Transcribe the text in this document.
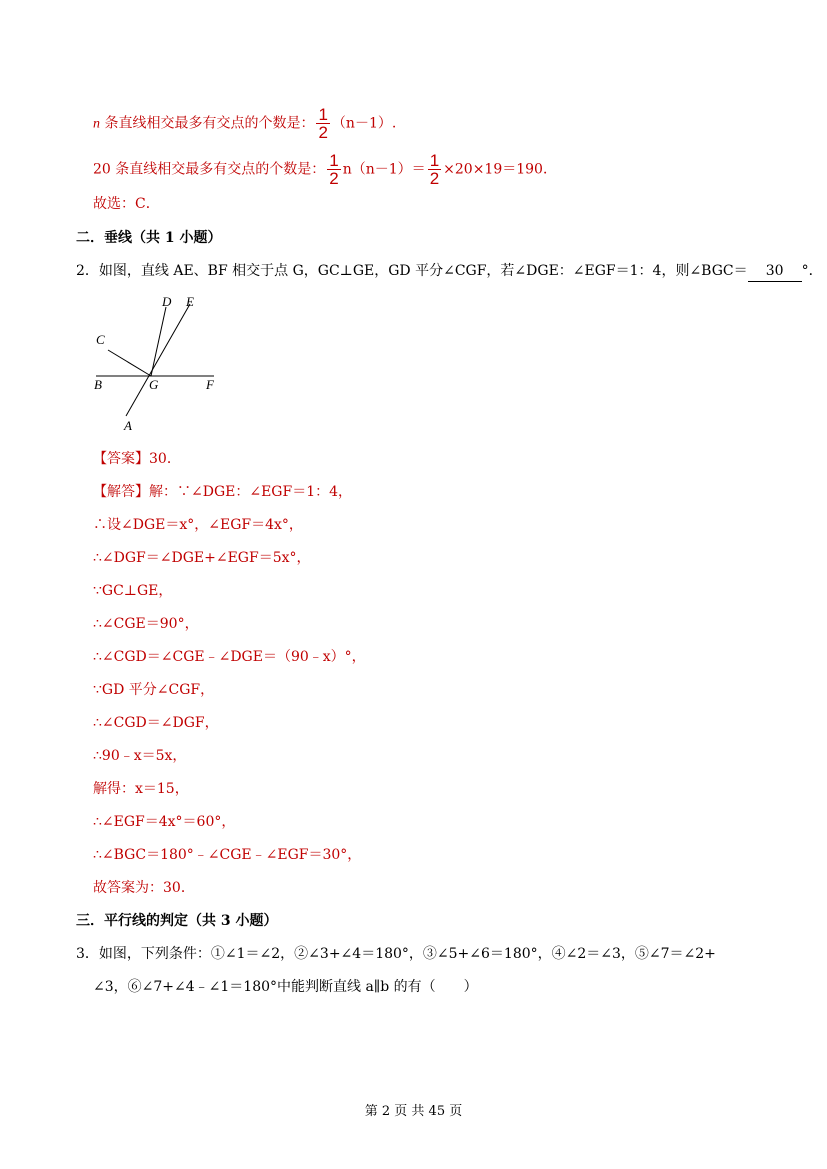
n 条直线相交最多有交点的个数是： $\frac{1}{2} (n-1)$.
20 条直线相交最多有交点的个数是： $\frac{1}{2} n(n-1)= \frac{1}{2} \times 20\times 19=190$．
故选：C．
二．垂线（共 1 小题）
2．如图，直线 AE、BF 相交于点 G，GC⊥GE，GD 平分∠CGF，若∠DGE：∠EGF＝1：4，则∠BGC＝ 30 °．
D E
C
B	G	F
A
【答案】30．
【解答】解：∵∠DGE：∠EGF＝1：4，
∴设∠DGE＝x°，∠EGF＝4x°，
∴∠DGF＝∠DGE+∠EGF＝5x°，
∵GC⊥GE，
∴∠CGE＝90°，
∴∠CGD＝∠CGE﹣∠DGE＝（90﹣x）°，
∵GD 平分∠CGF，
∴∠CGD＝∠DGF，
∴90﹣x＝5x，
解得：x＝15，
∴∠EGF＝4x°＝60°，
∴∠BGC＝180°﹣∠CGE﹣∠EGF＝30°，
故答案为：30．
三．平行线的判定（共 3 小题）
3．如图，下列条件：①∠1＝∠2，②∠3+∠4＝180°，③∠5+∠6＝180°，④∠2＝∠3，⑤∠7＝∠2+
∠3，⑥∠7+∠4﹣∠1＝180°中能判断直线 a∥b 的有（　　）
第 2 页 共 45 页
